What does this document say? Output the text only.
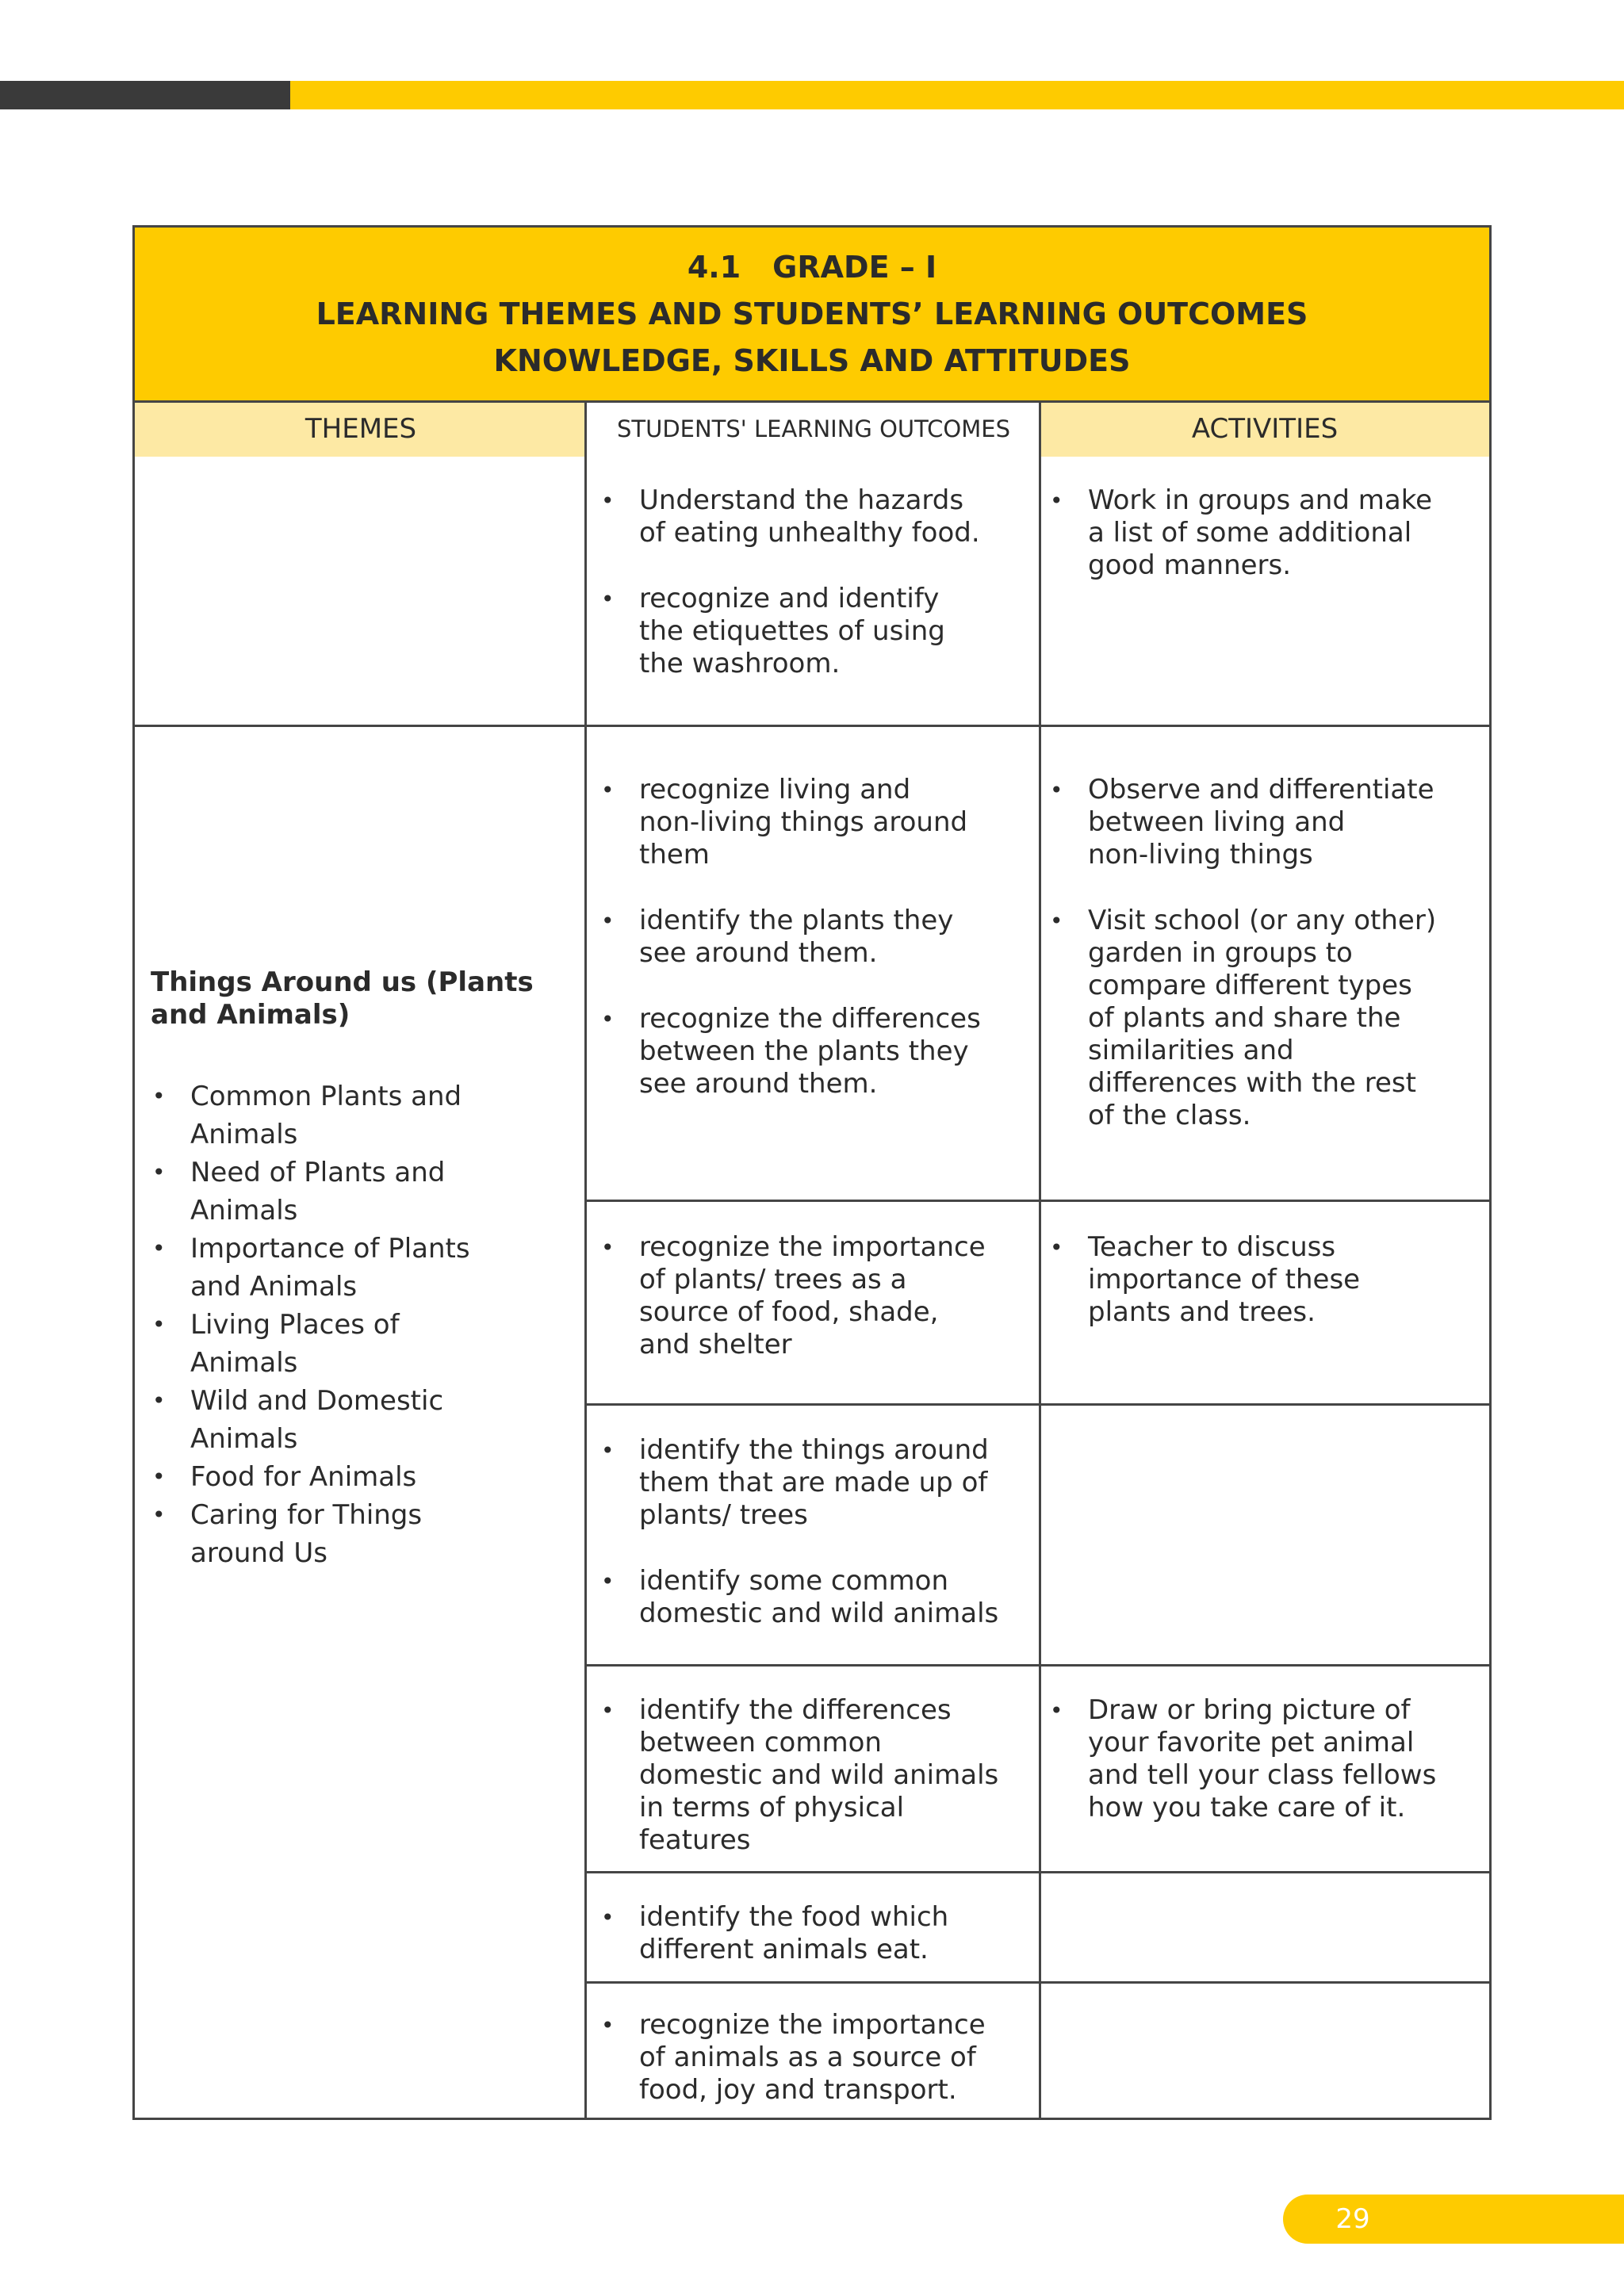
4.1 GRADE – I
LEARNING THEMES AND STUDENTS’ LEARNING OUTCOMES
KNOWLEDGE, SKILLS AND ATTITUDES
THEMES	STUDENTS' LEARNING OUTCOMES	ACTIVITIES
• Understand the hazards
of eating unhealthy food.
• recognize and identify
the etiquettes of using
the washroom.
• Work in groups and make
a list of some additional
good manners.
Things Around us (Plants
and Animals)
• Common Plants and
Animals
• Need of Plants and
Animals
• Importance of Plants
and Animals
• Living Places of
Animals
• Wild and Domestic
Animals
• Food for Animals
• Caring for Things
around Us
• recognize living and
non-living things around
them
• identify the plants they
see around them.
• recognize the differences
between the plants they
see around them.
• Observe and differentiate
between living and
non-living things
• Visit school (or any other)
garden in groups to
compare different types
of plants and share the
similarities and
differences with the rest
of the class.
• recognize the importance
of plants/ trees as a
source of food, shade,
and shelter
• Teacher to discuss
importance of these
plants and trees.
• identify the things around
them that are made up of
plants/ trees
• identify some common
domestic and wild animals
• identify the differences
between common
domestic and wild animals
in terms of physical
features
• Draw or bring picture of
your favorite pet animal
and tell your class fellows
how you take care of it.
• identify the food which
different animals eat.
• recognize the importance
of animals as a source of
food, joy and transport.
29
